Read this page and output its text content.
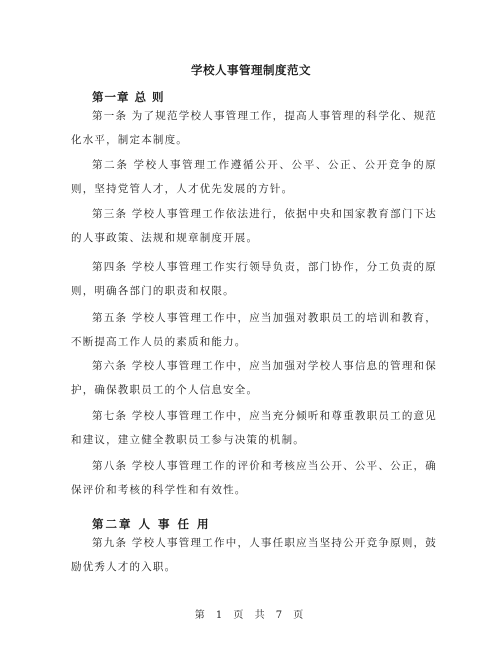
学校人事管理制度范文
第一章 总 则

第一条 为了规范学校人事管理工作，提高人事管理的科学化、规范化水平，制定本制度。

第二条 学校人事管理工作遵循公开、公平、公正、公开竞争的原则，坚持党管人才，人才优先发展的方针。

第三条 学校人事管理工作依法进行，依据中央和国家教育部门下达的人事政策、法规和规章制度开展。

第四条 学校人事管理工作实行领导负责，部门协作，分工负责的原则，明确各部门的职责和权限。

第五条 学校人事管理工作中，应当加强对教职员工的培训和教育，不断提高工作人员的素质和能力。

第六条 学校人事管理工作中，应当加强对学校人事信息的管理和保护，确保教职员工的个人信息安全。

第七条 学校人事管理工作中，应当充分倾听和尊重教职员工的意见和建议，建立健全教职员工参与决策的机制。

第八条 学校人事管理工作的评价和考核应当公开、公平、公正，确保评价和考核的科学性和有效性。

第二章 人 事 任 用

第九条 学校人事管理工作中，人事任职应当坚持公开竞争原则，鼓励优秀人才的入职。

第 1 页 共 7 页
